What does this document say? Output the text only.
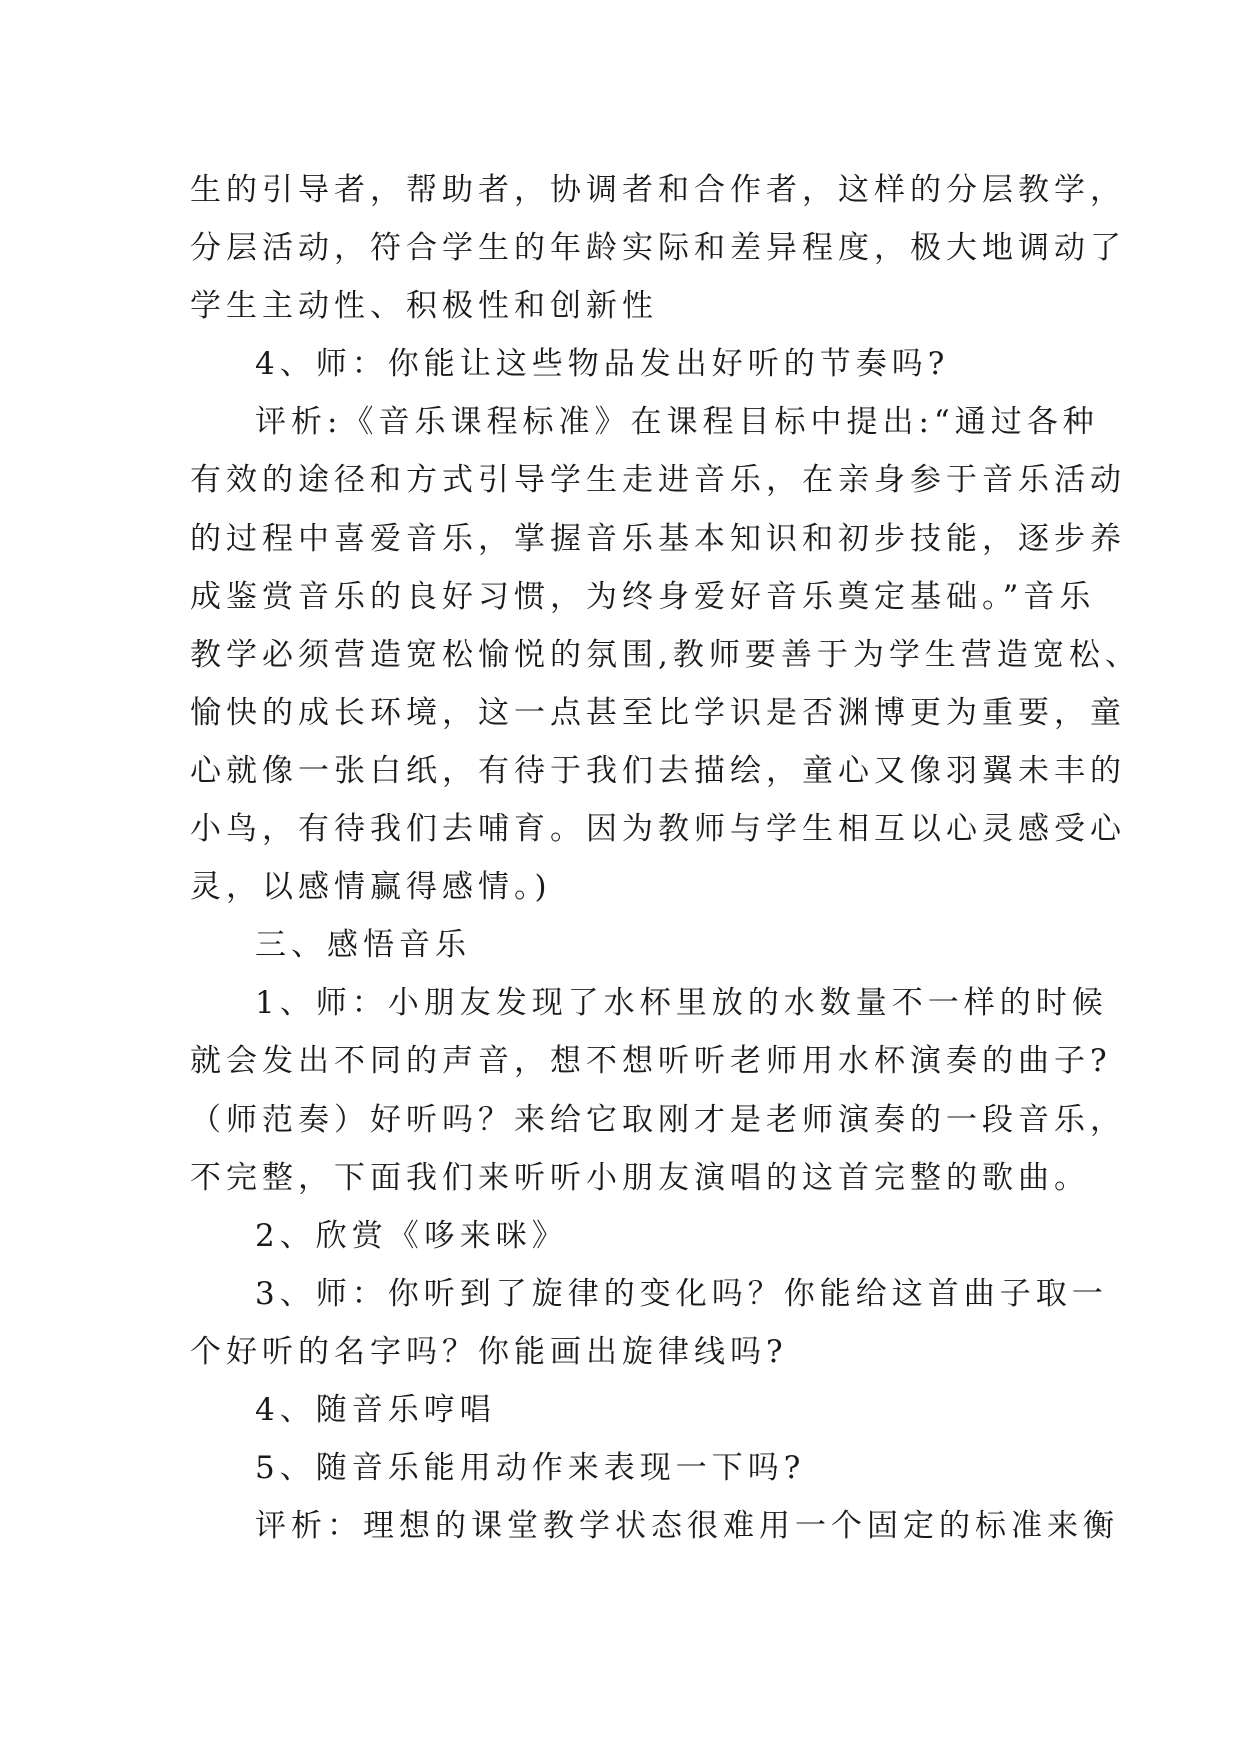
生的引导者，帮助者，协调者和合作者，这样的分层教学，
分层活动，符合学生的年龄实际和差异程度，极大地调动了
学生主动性、积极性和创新性
4、师：你能让这些物品发出好听的节奏吗?
评析:《音乐课程标准》在课程目标中提出:“通过各种
有效的途径和方式引导学生走进音乐，在亲身参于音乐活动
的过程中喜爱音乐，掌握音乐基本知识和初步技能，逐步养
成鉴赏音乐的良好习惯，为终身爱好音乐奠定基础。”音乐
教学必须营造宽松愉悦的氛围,教师要善于为学生营造宽松、
愉快的成长环境，这一点甚至比学识是否渊博更为重要，童
心就像一张白纸，有待于我们去描绘，童心又像羽翼未丰的
小鸟，有待我们去哺育。因为教师与学生相互以心灵感受心
灵，以感情赢得感情。)
三、感悟音乐
1、师：小朋友发现了水杯里放的水数量不一样的时候
就会发出不同的声音，想不想听听老师用水杯演奏的曲子?
（师范奏）好听吗？来给它取刚才是老师演奏的一段音乐，
不完整，下面我们来听听小朋友演唱的这首完整的歌曲。
2、欣赏《哆来咪》
3、师：你听到了旋律的变化吗？你能给这首曲子取一
个好听的名字吗？你能画出旋律线吗?
4、随音乐哼唱
5、随音乐能用动作来表现一下吗?
评析：理想的课堂教学状态很难用一个固定的标准来衡
